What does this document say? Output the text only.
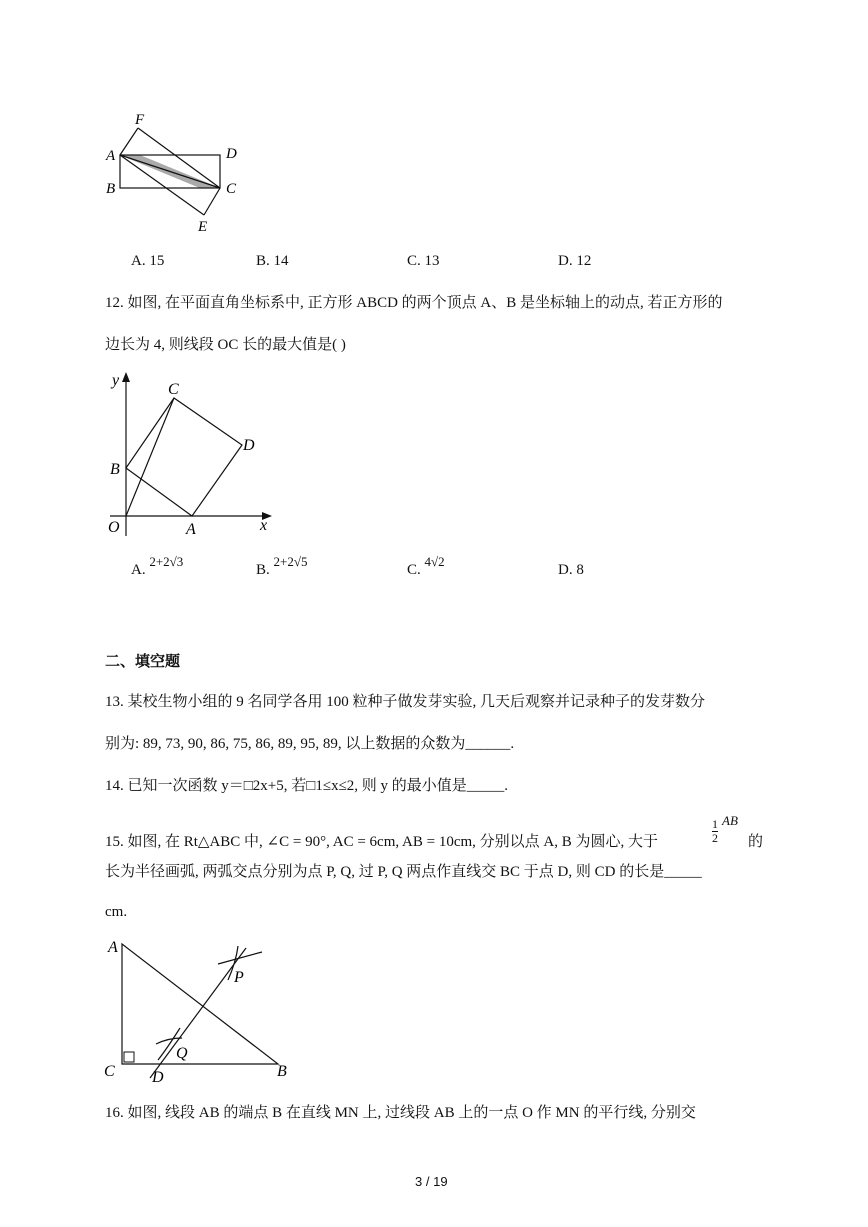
F
A	D
B	C
E
A. 15	B. 14	C. 13	D. 12
12. 如图, 在平面直角坐标系中, 正方形 ABCD 的两个顶点 A、B 是坐标轴上的动点, 若正方形的
边长为 4, 则线段 OC 长的最大值是( )
y
C
D
B
O	A	x
A. 2+2√3
B. 2+2√5
C. 4√2
D. 8
二、填空题
13. 某校生物小组的 9 名同学各用 100 粒种子做发芽实验, 几天后观察并记录种子的发芽数分
别为: 89, 73, 90, 86, 75, 86, 89, 95, 89, 以上数据的众数为______.
14. 已知一次函数 y＝□2x+5, 若□1≤x≤2, 则 y 的最小值是_____.
15. 如图, 在 Rt△ABC 中, ∠C = 90°, AC = 6cm, AB = 10cm, 分别以点 A, B 为圆心, 大于	$\frac{1}{2} ^{AB}$
的
长为半径画弧, 两弧交点分别为点 P, Q, 过 P, Q 两点作直线交 BC 于点 D, 则 CD 的长是_____
cm.
A
P
Q
C D	B
16. 如图, 线段 AB 的端点 B 在直线 MN 上, 过线段 AB 上的一点 O 作 MN 的平行线, 分别交
3 / 19
